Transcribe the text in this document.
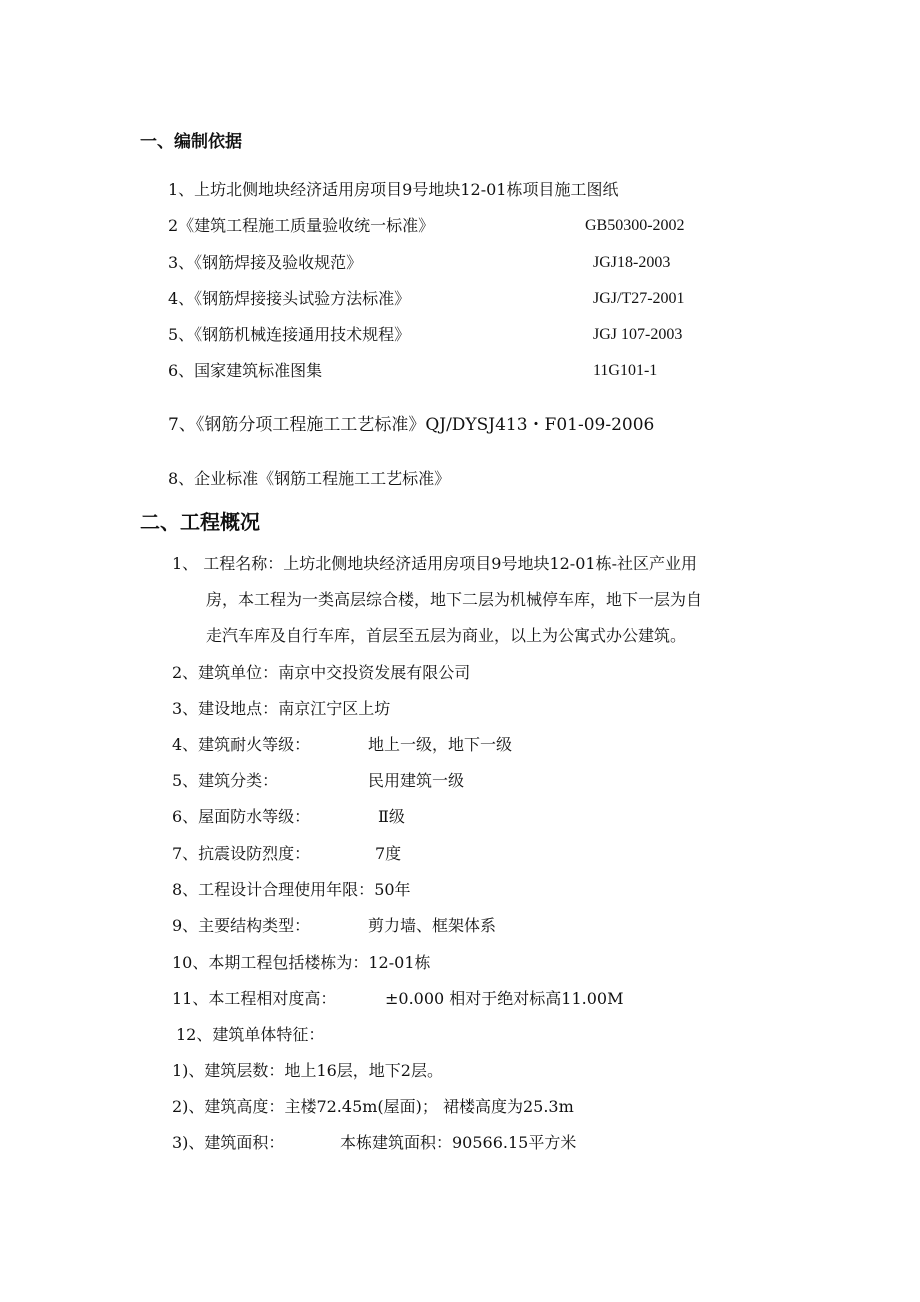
一、编制依据
1、上坊北侧地块经济适用房项目9号地块12-01栋项目施工图纸
2《建筑工程施工质量验收统一标准》	GB50300-2002
3、《钢筋焊接及验收规范》	JGJ18-2003
4、《钢筋焊接接头试验方法标准》	JGJ/T27-2001
5、《钢筋机械连接通用技术规程》	JGJ 107-2003
6、国家建筑标准图集	11G101-1
7、《钢筋分项工程施工工艺标准》QJ/DYSJ413・F01-09-2006
8、企业标准《钢筋工程施工工艺标准》
二、工程概况
1、 工程名称：上坊北侧地块经济适用房项目9号地块12-01栋-社区产业用
房，本工程为一类高层综合楼，地下二层为机械停车库，地下一层为自
走汽车库及自行车库，首层至五层为商业，以上为公寓式办公建筑。
2、建筑单位：南京中交投资发展有限公司
3、建设地点：南京江宁区上坊
4、建筑耐火等级：	地上一级，地下一级
5、建筑分类：	民用建筑一级
6、屋面防水等级：	Ⅱ级
7、抗震设防烈度：	7度
8、工程设计合理使用年限：50年
9、主要结构类型：	剪力墙、框架体系
10、本期工程包括楼栋为：12-01栋
11、本工程相对度高：	±0.000 相对于绝对标高11.00M
12、建筑单体特征：
1)、建筑层数：地上16层，地下2层。
2)、建筑高度：主楼72.45m(屋面)； 裙楼高度为25.3m
3)、建筑面积：	本栋建筑面积：90566.15平方米
